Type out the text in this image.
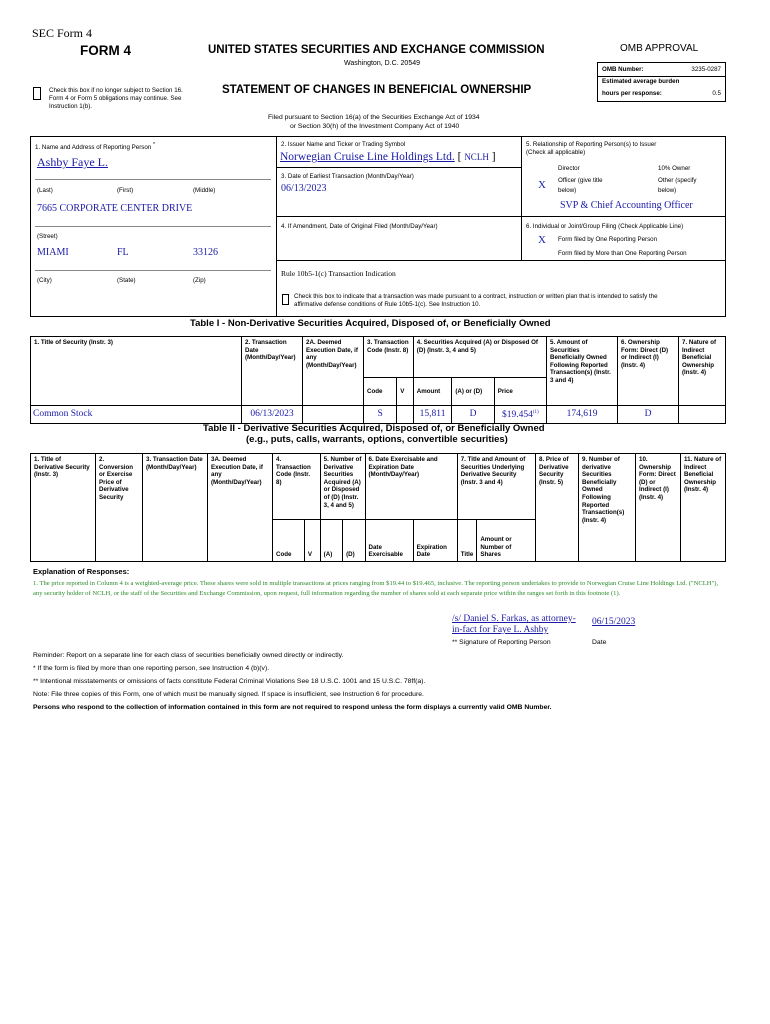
SEC Form 4
FORM 4	UNITED STATES SECURITIES AND EXCHANGE COMMISSION
Washington, D.C. 20549
STATEMENT OF CHANGES IN BENEFICIAL OWNERSHIP
Check this box if no longer subject to Section 16. Form 4 or Form 5 obligations may continue. See Instruction 1(b).
Filed pursuant to Section 16(a) of the Securities Exchange Act of 1934
or Section 30(h) of the Investment Company Act of 1940
OMB APPROVAL
OMB Number:	3235-0287
Estimated average burden
hours per response:	0.5
1. Name and Address of Reporting Person *
Ashby Faye L.
(Last)	(First)	(Middle)
7665 CORPORATE CENTER DRIVE
(Street)
MIAMI	FL	33126
(City)	(State)	(Zip)
2. Issuer Name and Ticker or Trading Symbol
Norwegian Cruise Line Holdings Ltd. [ NCLH ]
3. Date of Earliest Transaction (Month/Day/Year)
06/13/2023
4. If Amendment, Date of Original Filed (Month/Day/Year)
5. Relationship of Reporting Person(s) to Issuer
(Check all applicable)
Director	10% Owner
X Officer (give title
below)
Other (specify
below)
SVP & Chief Accounting Officer
6. Individual or Joint/Group Filing (Check Applicable Line)
X Form filed by One Reporting Person
Form filed by More than One Reporting Person
Rule 10b5-1(c) Transaction Indication
Check this box to indicate that a transaction was made pursuant to a contract, instruction or written plan that is intended to satisfy the
affirmative defense conditions of Rule 10b5-1(c). See Instruction 10.
Table I - Non-Derivative Securities Acquired, Disposed of, or Beneficially Owned
1. Title of Security (Instr. 3)	2. Transaction Date (Month/Day/Year)	2A. Deemed Execution Date, if any (Month/Day/Year)	3. Transaction Code (Instr. 8)		4. Securities Acquired (A) or Disposed Of (D) (Instr. 3, 4 and 5)			5. Amount of Securities Beneficially Owned Following Reported Transaction(s) (Instr. 3 and 4)	6. Ownership Form: Direct (D) or Indirect (I) (Instr. 4)	7. Nature of Indirect Beneficial Ownership (Instr. 4)
			Code	V	Amount	(A) or (D)	Price			
Common Stock	06/13/2023		S		15,811	D	$19.454$^{(1)}$	174,619	D	
Table II - Derivative Securities Acquired, Disposed of, or Beneficially Owned
(e.g., puts, calls, warrants, options, convertible securities)
1. Title of Derivative Security (Instr. 3)	2. Conversion or Exercise Price of Derivative Security	3. Transaction Date (Month/Day/Year)	3A. Deemed Execution Date, if any (Month/Day/Year)	4. Transaction Code (Instr. 8)		5. Number of Derivative Securities Acquired (A) or Disposed of (D) (Instr. 3, 4 and 5)		6. Date Exercisable and Expiration Date (Month/Day/Year)		7. Title and Amount of Securities Underlying Derivative Security (Instr. 3 and 4)		8. Price of Derivative Security (Instr. 5)	9. Number of derivative Securities Beneficially Owned Following Reported Transaction(s) (Instr. 4)	10. Ownership Form: Direct (D) or Indirect (I) (Instr. 4)	11. Nature of Indirect Beneficial Ownership (Instr. 4)
				Code	V	(A)	(D)	Date Exercisable	Expiration Date	Title	Amount or Number of Shares				
Explanation of Responses:
1. The price reported in Column 4 is a weighted-average price. These shares were sold in multiple transactions at prices ranging from $19.44 to $19.465, inclusive. The reporting person undertakes to provide to Norwegian Cruise Line Holdings Ltd. ("NCLH"), any security holder of NCLH, or the staff of the Securities and Exchange Commission, upon request, full information regarding the number of shares sold at each separate price within the ranges set forth in this footnote (1).
/s/ Daniel S. Farkas, as attorney-
in-fact for Faye L. Ashby
06/15/2023
** Signature of Reporting Person	Date
Reminder: Report on a separate line for each class of securities beneficially owned directly or indirectly.
* If the form is filed by more than one reporting person, see Instruction 4 (b)(v).
** Intentional misstatements or omissions of facts constitute Federal Criminal Violations See 18 U.S.C. 1001 and 15 U.S.C. 78ff(a).
Note: File three copies of this Form, one of which must be manually signed. If space is insufficient, see Instruction 6 for procedure.
Persons who respond to the collection of information contained in this form are not required to respond unless the form displays a currently valid OMB Number.
